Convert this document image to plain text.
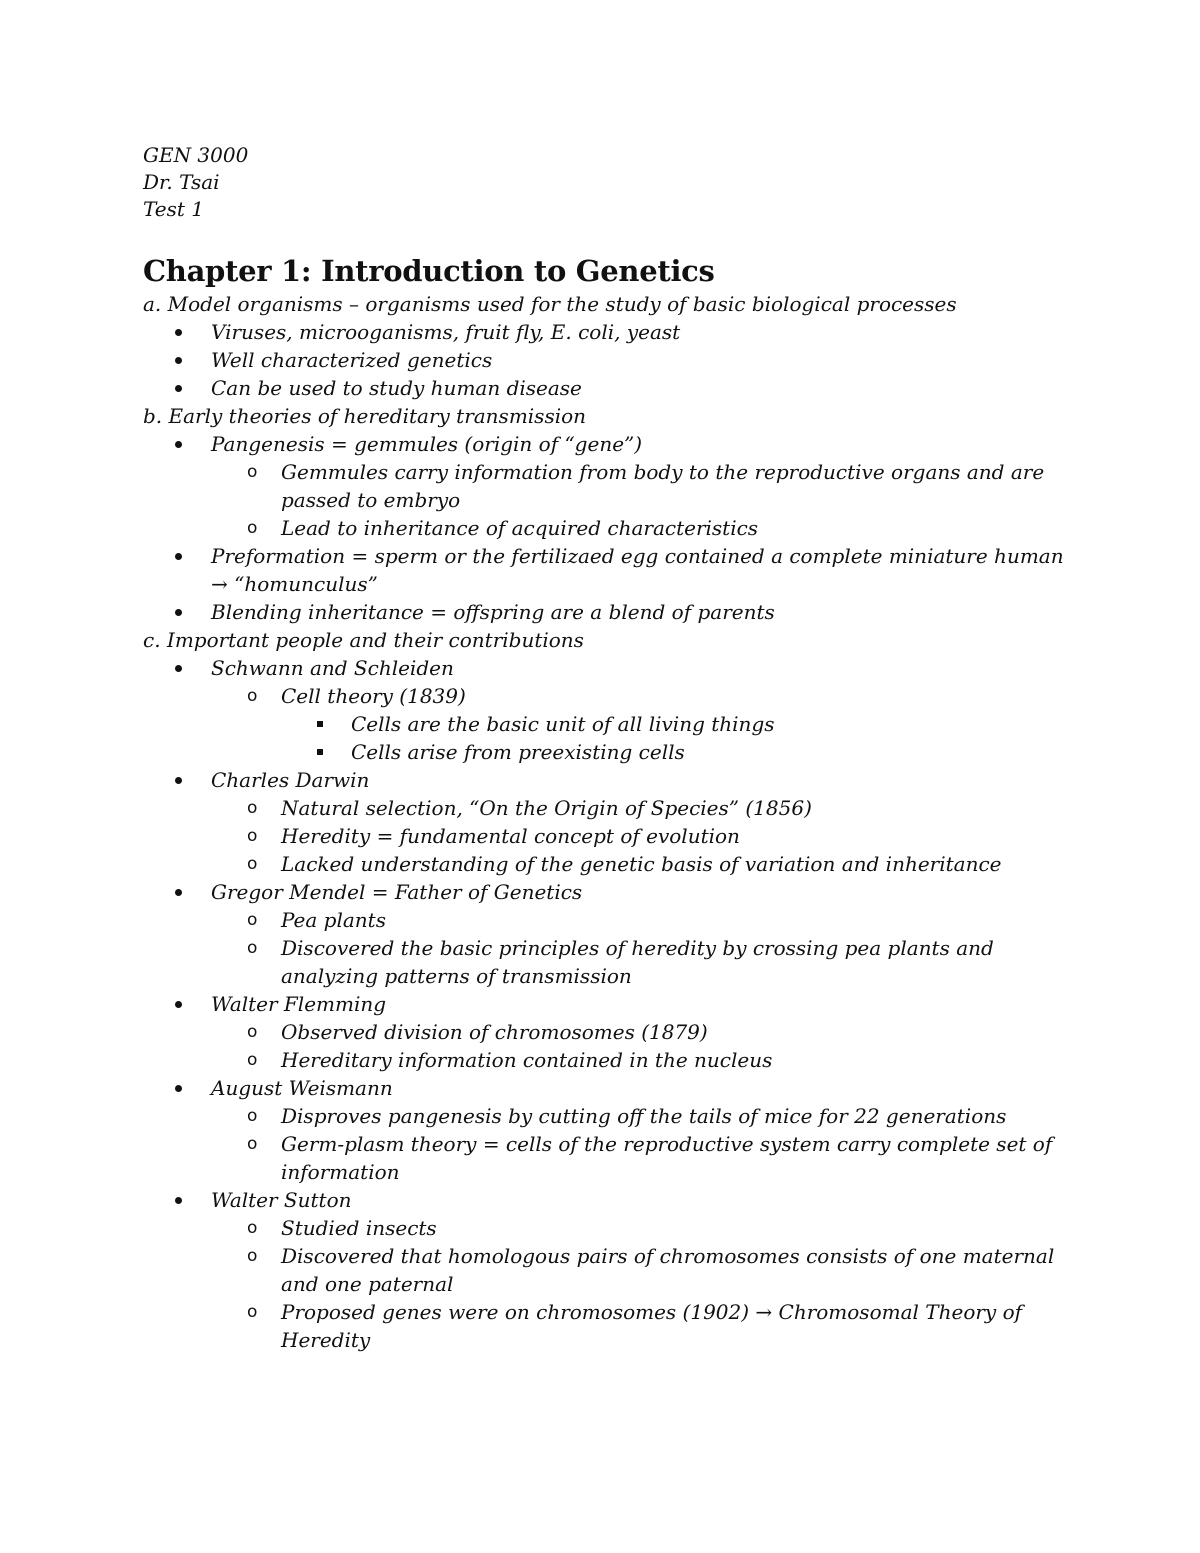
GEN 3000
Dr. Tsai
Test 1
Chapter 1: Introduction to Genetics
a. Model organisms – organisms used for the study of basic biological processes
Viruses, microoganisms, fruit fly, E. coli, yeast
Well characterized genetics
Can be used to study human disease
b. Early theories of hereditary transmission
Pangenesis = gemmules (origin of “gene”)
o Gemmules carry information from body to the reproductive organs and are passed to embryo
o Lead to inheritance of acquired characteristics
Preformation = sperm or the fertilizaed egg contained a complete miniature human → “homunculus”
Blending inheritance = offspring are a blend of parents
c. Important people and their contributions
Schwann and Schleiden
o Cell theory (1839)
Cells are the basic unit of all living things
Cells arise from preexisting cells
Charles Darwin
o Natural selection, “On the Origin of Species” (1856)
o Heredity = fundamental concept of evolution
o Lacked understanding of the genetic basis of variation and inheritance
Gregor Mendel = Father of Genetics
o Pea plants
o Discovered the basic principles of heredity by crossing pea plants and analyzing patterns of transmission
Walter Flemming
o Observed division of chromosomes (1879)
o Hereditary information contained in the nucleus
August Weismann
o Disproves pangenesis by cutting off the tails of mice for 22 generations
o Germ-plasm theory = cells of the reproductive system carry complete set of information
Walter Sutton
o Studied insects
o Discovered that homologous pairs of chromosomes consists of one maternal and one paternal
o Proposed genes were on chromosomes (1902) → Chromosomal Theory of Heredity
